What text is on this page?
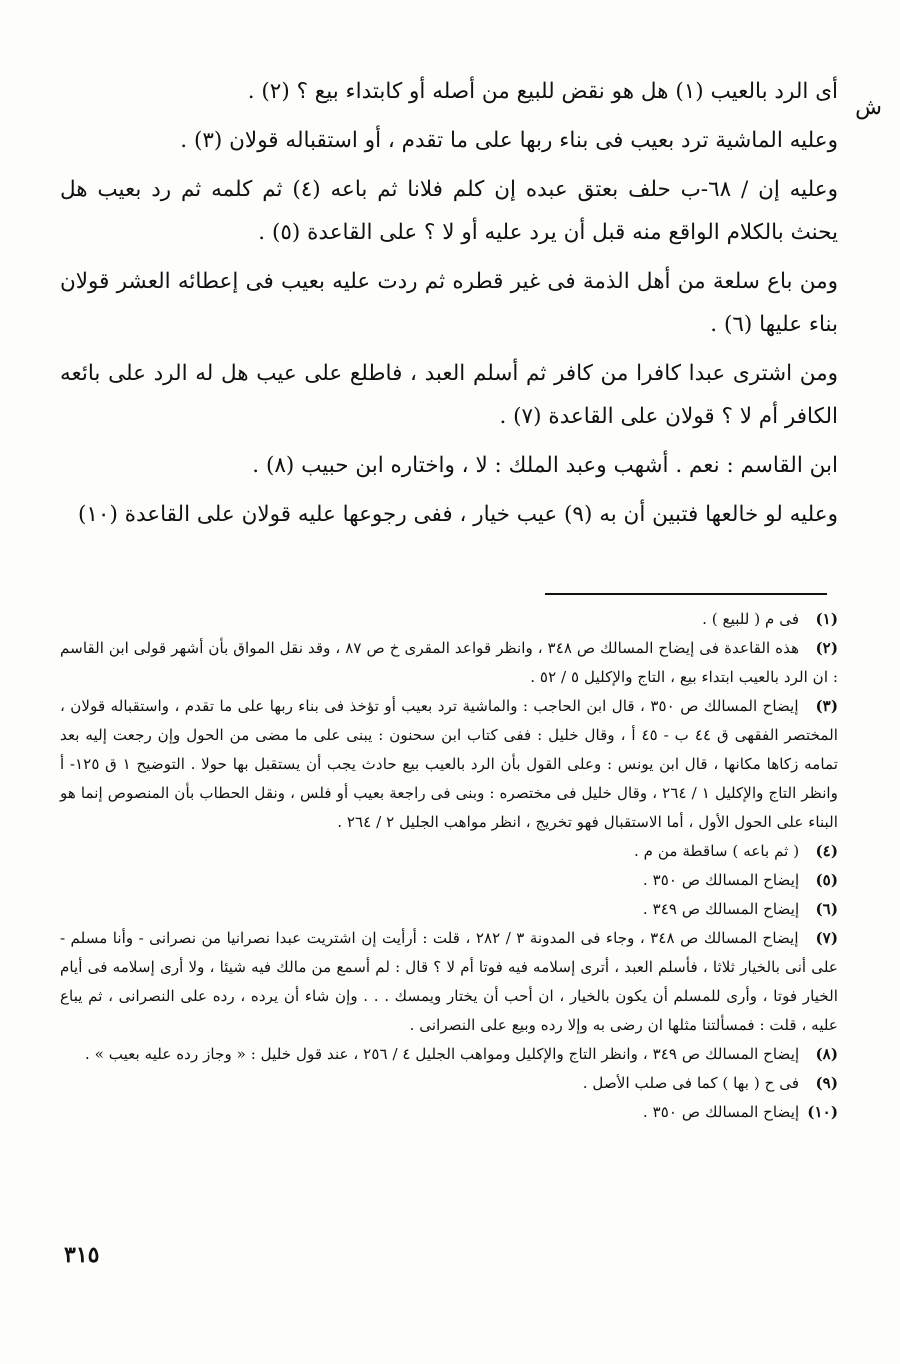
ش

أى الرد بالعيب (١) هل هو نقض للبيع من أصله أو كابتداء بيع ؟ (٢) .

وعليه الماشية ترد بعيب فى بناء ربها على ما تقدم ، أو استقباله قولان (٣) .

وعليه إن / ٦٨-ب حلف بعتق عبده إن كلم فلانا ثم باعه (٤) ثم كلمه ثم رد بعيب هل يحنث بالكلام الواقع منه قبل أن يرد عليه أو لا ؟ على القاعدة (٥) .

ومن باع سلعة من أهل الذمة فى غير قطره ثم ردت عليه بعيب فى إعطائه العشر قولان بناء عليها (٦) .

ومن اشترى عبدا كافرا من كافر ثم أسلم العبد ، فاطلع على عيب هل له الرد على بائعه الكافر أم لا ؟ قولان على القاعدة (٧) .

ابن القاسم : نعم . أشهب وعبد الملك : لا ، واختاره ابن حبيب (٨) .

وعليه لو خالعها فتبين أن به (٩) عيب خيار ، ففى رجوعها عليه قولان على القاعدة (١٠)

(١) فى م ( للبيع ) .

(٢) هذه القاعدة فى إيضاح المسالك ص ٣٤٨ ، وانظر قواعد المقرى خ ص ٨٧ ، وقد نقل المواق بأن أشهر قولى ابن القاسم : ان الرد بالعيب ابتداء بيع ، التاج والإكليل ٥ / ٥٢ .

(٣) إيضاح المسالك ص ٣٥٠ ، قال ابن الحاجب : والماشية ترد بعيب أو تؤخذ فى بناء ربها على ما تقدم ، واستقباله قولان ، المختصر الفقهى ق ٤٤ ب - ٤٥ أ ، وقال خليل : ففى كتاب ابن سحنون : يبنى على ما مضى من الحول وإن رجعت إليه بعد تمامه زكاها مكانها ، قال ابن يونس : وعلى القول بأن الرد بالعيب بيع حادث يجب أن يستقبل بها حولا . التوضيح ١ ق ١٢٥- أ وانظر التاج والإكليل ١ / ٢٦٤ ، وقال خليل فى مختصره : وبنى فى راجعة بعيب أو فلس ، ونقل الحطاب بأن المنصوص إنما هو البناء على الحول الأول ، أما الاستقبال فهو تخريج ، انظر مواهب الجليل ٢ / ٢٦٤ .

(٤) ( ثم باعه ) ساقطة من م .

(٥) إيضاح المسالك ص ٣٥٠ .

(٦) إيضاح المسالك ص ٣٤٩ .

(٧) إيضاح المسالك ص ٣٤٨ ، وجاء فى المدونة ٣ / ٢٨٢ ، قلت : أرأيت إن اشتريت عبدا نصرانيا من نصرانى - وأنا مسلم - على أنى بالخيار ثلاثا ، فأسلم العبد ، أترى إسلامه فيه فوتا أم لا ؟ قال : لم أسمع من مالك فيه شيئا ، ولا أرى إسلامه فى أيام الخيار فوتا ، وأرى للمسلم أن يكون بالخيار ، ان أحب أن يختار ويمسك . . . وإن شاء أن يرده ، رده على النصرانى ، ثم يباع عليه ، قلت : فمسألتنا مثلها ان رضى به وإلا رده وبيع على النصرانى .

(٨) إيضاح المسالك ص ٣٤٩ ، وانظر التاج والإكليل ومواهب الجليل ٤ / ٢٥٦ ، عند قول خليل : « وجاز رده عليه بعيب » .

(٩) فى ح ( بها ) كما فى صلب الأصل .

(١٠) إيضاح المسالك ص ٣٥٠ .

٣١٥
